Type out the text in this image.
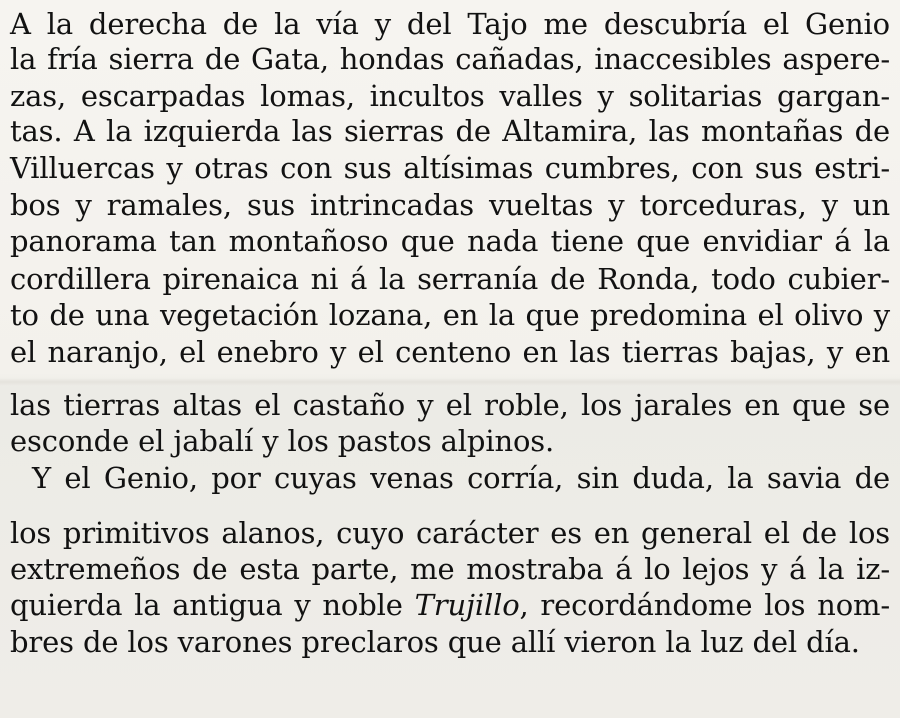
A la derecha de la vía y del Tajo me descubría el Genio
la fría sierra de Gata, hondas cañadas, inaccesibles aspere-
zas, escarpadas lomas, incultos valles y solitarias gargan-
tas. A la izquierda las sierras de Altamira, las montañas de
Villuercas y otras con sus altísimas cumbres, con sus estri-
bos y ramales, sus intrincadas vueltas y torceduras, y un
panorama tan montañoso que nada tiene que envidiar á la
cordillera pirenaica ni á la serranía de Ronda, todo cubier-
to de una vegetación lozana, en la que predomina el olivo y
el naranjo, el enebro y el centeno en las tierras bajas, y en
las tierras altas el castaño y el roble, los jarales en que se
esconde el jabalí y los pastos alpinos.
Y el Genio, por cuyas venas corría, sin duda, la savia de
los primitivos alanos, cuyo carácter es en general el de los
extremeños de esta parte, me mostraba á lo lejos y á la iz-
quierda la antigua y noble Trujillo, recordándome los nom-
bres de los varones preclaros que allí vieron la luz del día.
